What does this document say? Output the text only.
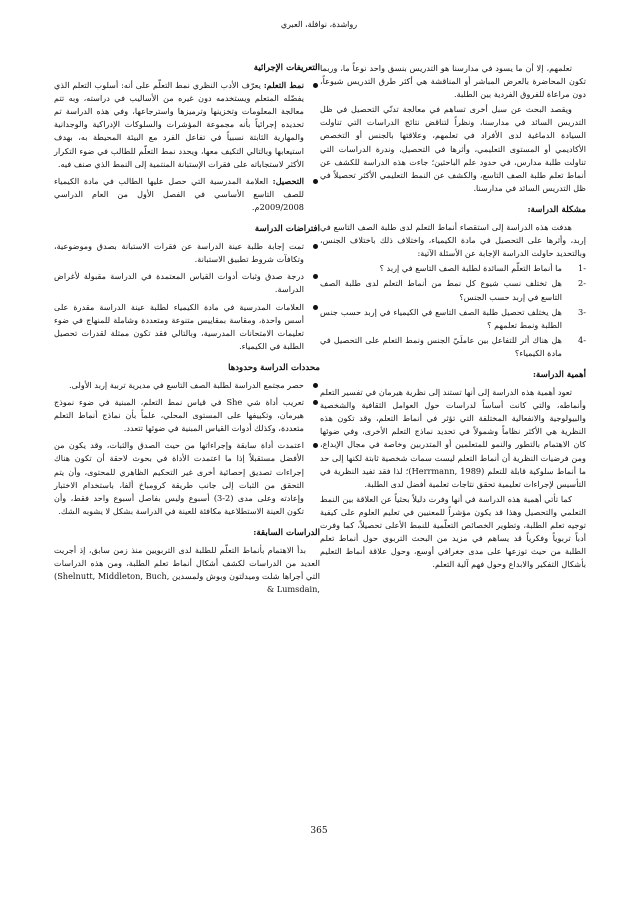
رواشدة، نوافلة، العبري

تعلمهم، إلا أن ما يسود في مدارسنا هو التدريس بنسق واحد نوعاً ما، وربما تكون المحاضرة بالعرض المباشر أو المناقشة هي أكثر طرق التدريس شيوعاً، دون مراعاة للفروق الفردية بين الطلبة.

ويقصد البحث عن سبل أخرى تساهم في معالجة تدنّي التحصيل في ظل التدريس السائد في مدارسنا، ونظراً لتناقض نتائج الدراسات التي تناولت السيادة الدماغية لدى الأفراد في تعلمهم، وعلاقتها بالجنس أو التخصص الأكاديمي أو المستوى التعليمي، وأثرها في التحصيل، وندرة الدراسات التي تناولت طلبة مدارس، في حدود علم الباحثين؛ جاءت هذه الدراسة للكشف عن أنماط تعلم طلبة الصف التاسع، والكشف عن النمط التعليمي الأكثر تحصيلاً في ظل التدريس السائد في مدارسنا.

مشكلة الدراسة:

هدفت هذه الدراسة إلى استقصاء أنماط التعلم لدى طلبة الصف التاسع في إربد، وأثرها على التحصيل في مادة الكيمياء، واختلاف ذلك باختلاف الجنس، وبالتحديد حاولت الدراسة الإجابة عن الأسئلة الآتية:

-1
ما أنماط التعلّم السائدة لطلبة الصف التاسع في إربد ؟
-2
هل تختلف نسب شيوع كل نمط من أنماط التعلم لدى طلبة الصف التاسع في إربد حسب الجنس؟
-3
هل يختلف تحصيل طلبة الصف التاسع في الكيمياء في إربد حسب جنس الطلبة ونمط تعلمهم ؟
-4
هل هناك أثر للتفاعل بين عاملَيّ الجنس ونمط التعلم على التحصيل في مادة الكيمياء؟
أهمية الدراسة:

تعود أهمية هذه الدراسة إلى أنها تستند إلى نظرية هيرمان في تفسير التعلم وأنماطه، والتي كانت أساساً لدراسات حول العوامل الثقافية والشخصية والبيولوجية والانفعالية المختلفة التي تؤثر في أنماط التعلم، وقد تكون هذه النظرية هي الأكثر نظاماً وشمولاً في تحديد نماذج التعلم الأخرى، وفي ضوئها كان الاهتمام بالتطور والنمو للمتعلمين أو المتدربين وخاصة في مجال الإبداع، ومن فرضيات النظرية أن أنماط التعلم ليست سمات شخصية ثابتة لكنها إلى حد ما أنماط سلوكية قابلة للتعلم (Herrmann, 1989)؛ لذا فقد تفيد النظرية في التأسيس لإجراءات تعليمية تحقق نتاجات تعلمية أفضل لدى الطلبة.

كما تأتي أهمية هذه الدراسة في أنها وفرت دليلاً بحثياً عن العلاقة بين النمط التعلمي والتحصيل وهذا قد يكون مؤشراً للمعنيين في تعليم العلوم على كيفية توجيه تعلم الطلبة، وتطوير الخصائص التعلّمية للنمط الأعلى تحصيلاً، كما وفرت أدباً تربوياً وفكرياً قد يساهم في مزيد من البحث التربوي حول أنماط تعلم الطلبة من حيث توزعها على مدى جغرافي أوسع، وحول علاقة أنماط التعليم بأشكال التفكير والابداع وحول فهم آلية التعلم.

التعريفات الإجرائية
نمط التعلم: يعرّف الأدب النظري نمط التعلّم على أنه: أسلوب التعلم الذي يفضّله المتعلم ويستخدمه دون غيره من الأساليب في دراسته، وبه تتم معالجة المعلومات وتخزينها وترميزها واسترجاعها، وفي هذه الدراسة تم تحديده إجرائياً بأنه مجموعة المؤشرات والسلوكات الإدراكية والوجدانية والمهارية الثابتة نسبياً في تفاعل الفرد مع البيئة المحيطة به، بهدف استيعابها وبالتالي التكيف معها، ويحدد نمط التعلّم للطالب في ضوء التكرار الأكثر لاستجاباته على فقرات الإستبانة المنتمية إلى النمط الذي صنف فيه.
التحصيل: العلامة المدرسية التي حصل عليها الطالب في مادة الكيمياء للصف التاسع الأساسي في الفصل الأول من العام الدراسي 2009/2008م.
افتراضات الدراسة
تمت إجابة طلبة عينة الدراسة عن فقرات الاستبانة بصدق وموضوعية، وتكافآت شروط تطبيق الاستبانة.
درجة صدق وثبات أدوات القياس المعتمدة في الدراسة مقبولة لأغراض الدراسة.
العلامات المدرسية في مادة الكيمياء لطلبة عينة الدراسة مقدرة على أسس واحدة، ومقاسة بمقاييس متنوعة ومتعددة وشاملة للمنهاج في ضوء تعليمات الامتحانات المدرسية، وبالتالي فقد تكون ممثلة لقدرات تحصيل الطلبة في الكيمياء.
محددات الدراسة وحدودها
حصر مجتمع الدراسة لطلبة الصف التاسع في مديرية تربية إربد الأولى.
تعريب أداة شي She في قياس نمط التعلم، المبنية في ضوء نموذج هيرمان، وتكييفها على المستوى المحلي، علماً بأن نماذج أنماط التعلم متعددة، وكذلك أدوات القياس المبنية في ضوئها تتعدد.
اعتمدت أداة سابقة وإجراءاتها من حيث الصدق والثبات، وقد يكون من الأفضل مستقبلاً إذا ما اعتمدت الأداة في بحوث لاحقة أن تكون هناك إجراءات تصديق إحصائية أخرى غير التحكيم الظاهري للمحتوى، وأن يتم التحقق من الثبات إلى جانب طريقة كرومباخ ألفا، باستخدام الاختبار وإعادته وعلى مدى (2-3) أسبوع وليس بفاصل أسبوع واحد فقط، وأن تكون العينة الاستطلاعية مكافئة للعينة في الدراسة بشكل لا يشوبه الشك.
الدراسات السابقة:

بدأ الاهتمام بأنماط التعلّم للطلبة لدى التربويين منذ زمن سابق، إذ أجريت العديد من الدراسات لكشف أشكال أنماط تعلم الطلبة، ومن هذه الدراسات التي أجراها شلت وميدلتون وبوش ولمسدين (Shelnutt, Middleton, Buch, & Lumsdain,

365
